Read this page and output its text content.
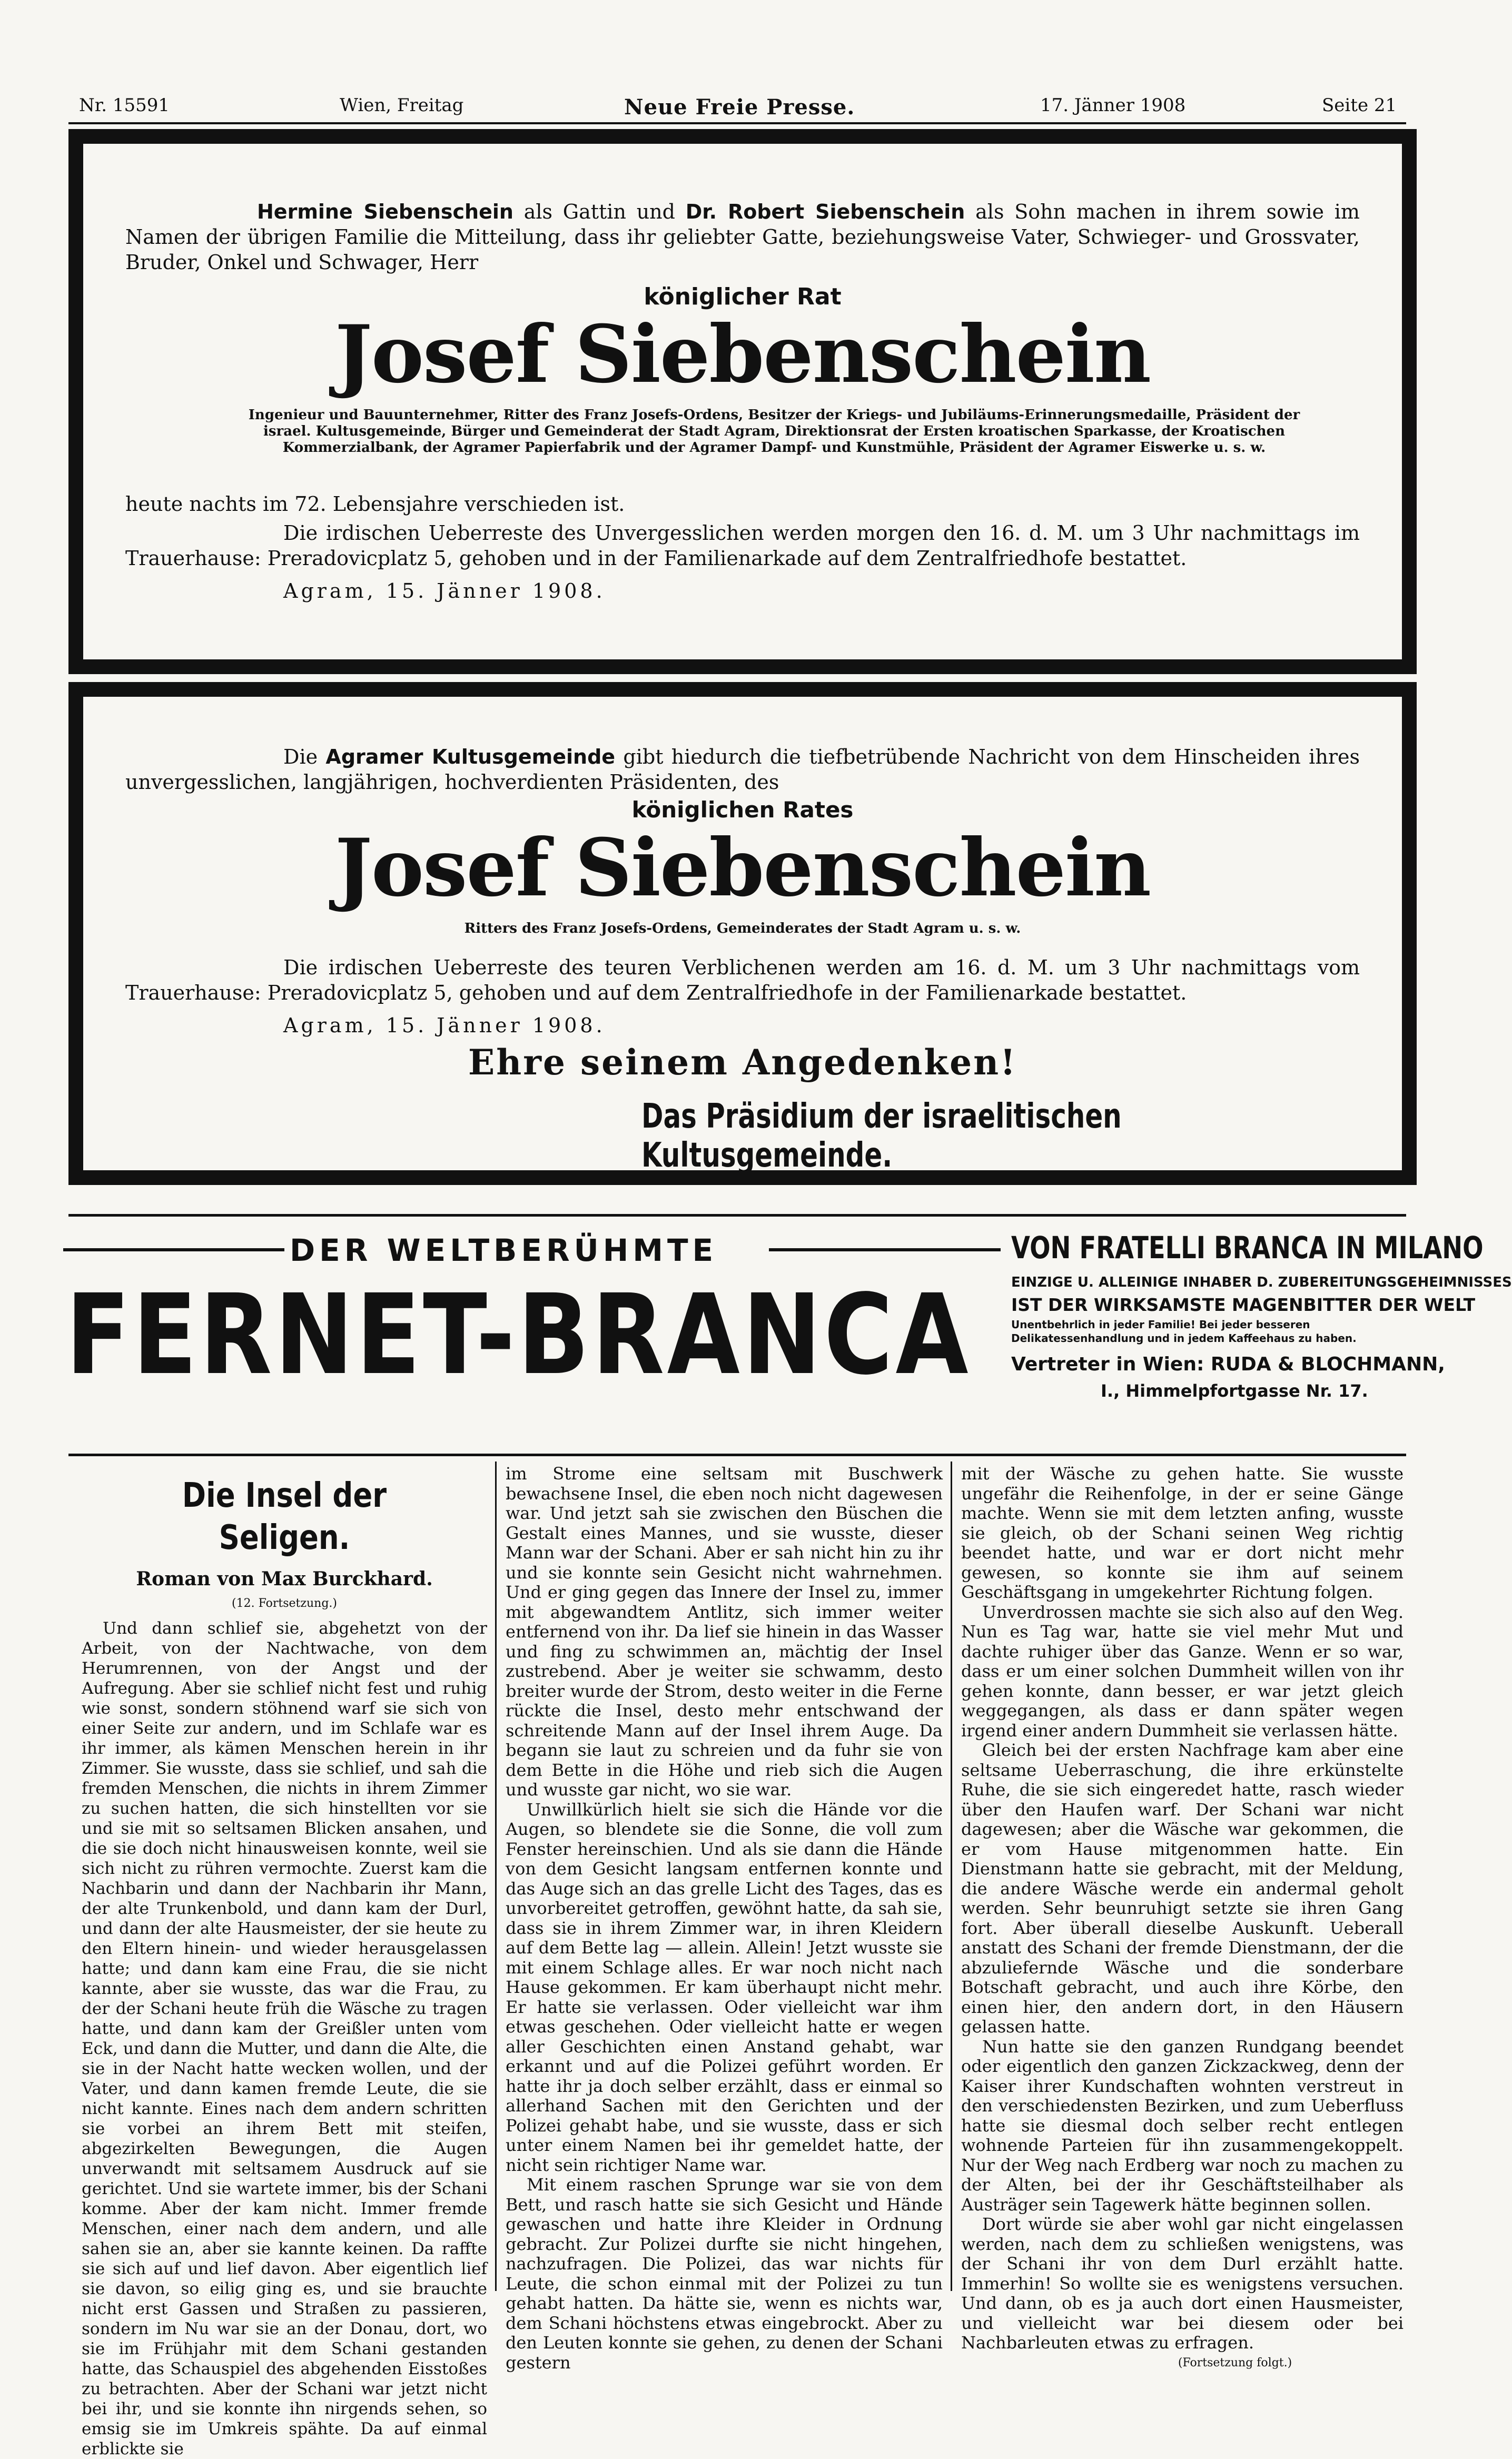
Nr. 15591	Wien, Freitag	Neue Freie Presse.	17. Jänner 1908	Seite 21
Hermine Siebenschein als Gattin und Dr. Robert Siebenschein als Sohn machen in ihrem sowie im Namen der übrigen Familie die Mitteilung, dass ihr geliebter Gatte, beziehungsweise Vater, Schwieger- und Grossvater, Bruder, Onkel und Schwager, Herr
königlicher Rat
Josef Siebenschein
Ingenieur und Bauunternehmer, Ritter des Franz Josefs-Ordens, Besitzer der Kriegs- und Jubiläums-Erinnerungsmedaille, Präsident der israel. Kultusgemeinde, Bürger und Gemeinderat der Stadt Agram, Direktionsrat der Ersten kroatischen Sparkasse, der Kroatischen Kommerzialbank, der Agramer Papierfabrik und der Agramer Dampf- und Kunstmühle, Präsident der Agramer Eiswerke u. s. w.
heute nachts im 72. Lebensjahre verschieden ist.
Die irdischen Ueberreste des Unvergesslichen werden morgen den 16. d. M. um 3 Uhr nachmittags im Trauerhause: Preradovicplatz 5, gehoben und in der Familienarkade auf dem Zentralfriedhofe bestattet.
Agram, 15. Jänner 1908.
Die Agramer Kultusgemeinde gibt hiedurch die tiefbetrübende Nachricht von dem Hinscheiden ihres unvergesslichen, langjährigen, hochverdienten Präsidenten, des
königlichen Rates
Josef Siebenschein
Ritters des Franz Josefs-Ordens, Gemeinderates der Stadt Agram u. s. w.
Die irdischen Ueberreste des teuren Verblichenen werden am 16. d. M. um 3 Uhr nachmittags vom Trauerhause: Preradovicplatz 5, gehoben und auf dem Zentralfriedhofe in der Familienarkade bestattet.
Agram, 15. Jänner 1908.
Ehre seinem Angedenken!
Das Präsidium der israelitischen Kultusgemeinde.
DER WELTBERÜHMTE
FERNET-BRANCA
VON FRATELLI BRANCA IN MILANO
EINZIGE U. ALLEINIGE INHABER D. ZUBEREITUNGSGEHEIMNISSES
IST DER WIRKSAMSTE MAGENBITTER DER WELT
Unentbehrlich in jeder Familie! Bei jeder besseren Delikatessenhandlung und in jedem Kaffeehaus zu haben.
Vertreter in Wien: RUDA & BLOCHMANN,
I., Himmelpfortgasse Nr. 17.
Die Insel der Seligen.
Roman von Max Burckhard.
(12. Fortsetzung.)

Und dann schlief sie, abgehetzt von der Arbeit, von der Nachtwache, von dem Herumrennen, von der Angst und der Aufregung. Aber sie schlief nicht fest und ruhig wie sonst, sondern stöhnend warf sie sich von einer Seite zur andern, und im Schlafe war es ihr immer, als kämen Menschen herein in ihr Zimmer. Sie wusste, dass sie schlief, und sah die fremden Menschen, die nichts in ihrem Zimmer zu suchen hatten, die sich hinstellten vor sie und sie mit so seltsamen Blicken ansahen, und die sie doch nicht hinausweisen konnte, weil sie sich nicht zu rühren vermochte. Zuerst kam die Nachbarin und dann der Nachbarin ihr Mann, der alte Trunkenbold, und dann kam der Durl, und dann der alte Hausmeister, der sie heute zu den Eltern hinein- und wieder herausgelassen hatte; und dann kam eine Frau, die sie nicht kannte, aber sie wusste, das war die Frau, zu der der Schani heute früh die Wäsche zu tragen hatte, und dann kam der Greißler unten vom Eck, und dann die Mutter, und dann die Alte, die sie in der Nacht hatte wecken wollen, und der Vater, und dann kamen fremde Leute, die sie nicht kannte. Eines nach dem andern schritten sie vorbei an ihrem Bett mit steifen, abgezirkelten Bewegungen, die Augen unverwandt mit seltsamem Ausdruck auf sie gerichtet. Und sie wartete immer, bis der Schani komme. Aber der kam nicht. Immer fremde Menschen, einer nach dem andern, und alle sahen sie an, aber sie kannte keinen. Da raffte sie sich auf und lief davon. Aber eigentlich lief sie davon, so eilig ging es, und sie brauchte nicht erst Gassen und Straßen zu passieren, sondern im Nu war sie an der Donau, dort, wo sie im Frühjahr mit dem Schani gestanden hatte, das Schauspiel des abgehenden Eisstoßes zu betrachten. Aber der Schani war jetzt nicht bei ihr, und sie konnte ihn nirgends sehen, so emsig sie im Umkreis spähte. Da auf einmal erblickte sie

im Strome eine seltsam mit Buschwerk bewachsene Insel, die eben noch nicht dagewesen war. Und jetzt sah sie zwischen den Büschen die Gestalt eines Mannes, und sie wusste, dieser Mann war der Schani. Aber er sah nicht hin zu ihr und sie konnte sein Gesicht nicht wahrnehmen. Und er ging gegen das Innere der Insel zu, immer mit abgewandtem Antlitz, sich immer weiter entfernend von ihr. Da lief sie hinein in das Wasser und fing zu schwimmen an, mächtig der Insel zustrebend. Aber je weiter sie schwamm, desto breiter wurde der Strom, desto weiter in die Ferne rückte die Insel, desto mehr entschwand der schreitende Mann auf der Insel ihrem Auge. Da begann sie laut zu schreien und da fuhr sie von dem Bette in die Höhe und rieb sich die Augen und wusste gar nicht, wo sie war.

Unwillkürlich hielt sie sich die Hände vor die Augen, so blendete sie die Sonne, die voll zum Fenster hereinschien. Und als sie dann die Hände von dem Gesicht langsam entfernen konnte und das Auge sich an das grelle Licht des Tages, das es unvorbereitet getroffen, gewöhnt hatte, da sah sie, dass sie in ihrem Zimmer war, in ihren Kleidern auf dem Bette lag — allein. Allein! Jetzt wusste sie mit einem Schlage alles. Er war noch nicht nach Hause gekommen. Er kam überhaupt nicht mehr. Er hatte sie verlassen. Oder vielleicht war ihm etwas geschehen. Oder vielleicht hatte er wegen aller Geschichten einen Anstand gehabt, war erkannt und auf die Polizei geführt worden. Er hatte ihr ja doch selber erzählt, dass er einmal so allerhand Sachen mit den Gerichten und der Polizei gehabt habe, und sie wusste, dass er sich unter einem Namen bei ihr gemeldet hatte, der nicht sein richtiger Name war.

Mit einem raschen Sprunge war sie von dem Bett, und rasch hatte sie sich Gesicht und Hände gewaschen und hatte ihre Kleider in Ordnung gebracht. Zur Polizei durfte sie nicht hingehen, nachzufragen. Die Polizei, das war nichts für Leute, die schon einmal mit der Polizei zu tun gehabt hatten. Da hätte sie, wenn es nichts war, dem Schani höchstens etwas eingebrockt. Aber zu den Leuten konnte sie gehen, zu denen der Schani gestern

mit der Wäsche zu gehen hatte. Sie wusste ungefähr die Reihenfolge, in der er seine Gänge machte. Wenn sie mit dem letzten anfing, wusste sie gleich, ob der Schani seinen Weg richtig beendet hatte, und war er dort nicht mehr gewesen, so konnte sie ihm auf seinem Geschäftsgang in umgekehrter Richtung folgen.

Unverdrossen machte sie sich also auf den Weg. Nun es Tag war, hatte sie viel mehr Mut und dachte ruhiger über das Ganze. Wenn er so war, dass er um einer solchen Dummheit willen von ihr gehen konnte, dann besser, er war jetzt gleich weggegangen, als dass er dann später wegen irgend einer andern Dummheit sie verlassen hätte.

Gleich bei der ersten Nachfrage kam aber eine seltsame Ueberraschung, die ihre erkünstelte Ruhe, die sie sich eingeredet hatte, rasch wieder über den Haufen warf. Der Schani war nicht dagewesen; aber die Wäsche war gekommen, die er vom Hause mitgenommen hatte. Ein Dienstmann hatte sie gebracht, mit der Meldung, die andere Wäsche werde ein andermal geholt werden. Sehr beunruhigt setzte sie ihren Gang fort. Aber überall dieselbe Auskunft. Ueberall anstatt des Schani der fremde Dienstmann, der die abzuliefernde Wäsche und die sonderbare Botschaft gebracht, und auch ihre Körbe, den einen hier, den andern dort, in den Häusern gelassen hatte.

Nun hatte sie den ganzen Rundgang beendet oder eigentlich den ganzen Zickzackweg, denn der Kaiser ihrer Kundschaften wohnten verstreut in den verschiedensten Bezirken, und zum Ueberfluss hatte sie diesmal doch selber recht entlegen wohnende Parteien für ihn zusammengekoppelt. Nur der Weg nach Erdberg war noch zu machen zu der Alten, bei der ihr Geschäftsteilhaber als Austräger sein Tagewerk hätte beginnen sollen.

Dort würde sie aber wohl gar nicht eingelassen werden, nach dem zu schließen wenigstens, was der Schani ihr von dem Durl erzählt hatte. Immerhin! So wollte sie es wenigstens versuchen. Und dann, ob es ja auch dort einen Hausmeister, und vielleicht war bei diesem oder bei Nachbarleuten etwas zu erfragen.

(Fortsetzung folgt.)
